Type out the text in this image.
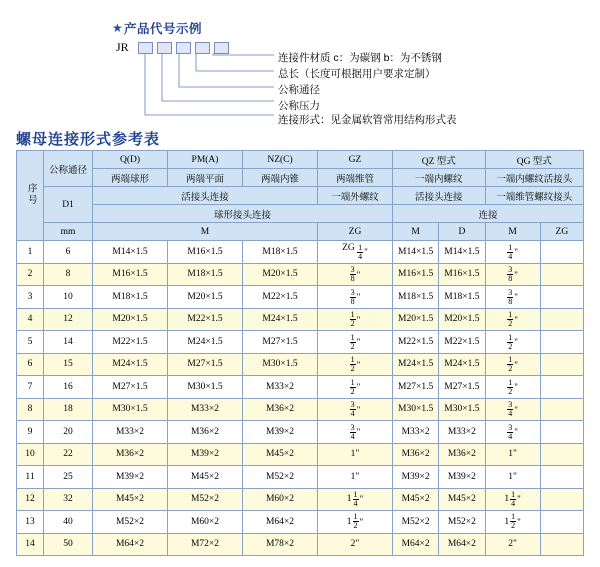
★ 产品代号示例
JR
连接件材质 c：为碳钢 b：为不锈钢
总长（长度可根据用户要求定制）
公称通径
公称压力
连接形式：见金属软管常用结构形式表
螺母连接形式参考表
序号	公称通径	Q(D)	PM(A)	NZ(C)	GZ	QZ 型式		QG 型式	
		两端球形	两端平面	两端内锥	两端维管	一端内螺纹		一端内螺纹活接头	
	D1	活接头连接			一端外螺纹	活接头连接		一端维管螺纹接头	
		球形接头连接				连接			
	mm	M			ZG	M	D	M	ZG
1	6	M14×1.5	M16×1.5	M18×1.5	ZG $\frac{1}{4}$ "	M14×1.5	M14×1.5	$\frac{1}{4}$ "	

2	8	M16×1.5	M18×1.5	M20×1.5	$\frac{3}{8}$ "	M16×1.5	M16×1.5	$\frac{3}{8}$ "	

3	10	M18×1.5	M20×1.5	M22×1.5	$\frac{3}{8}$ "	M18×1.5	M18×1.5	$\frac{3}{8}$ "	

4	12	M20×1.5	M22×1.5	M24×1.5	$\frac{1}{2}$ "	M20×1.5	M20×1.5	$\frac{1}{2}$ "	

5	14	M22×1.5	M24×1.5	M27×1.5	$\frac{1}{2}$ "	M22×1.5	M22×1.5	$\frac{1}{2}$ "	

6	15	M24×1.5	M27×1.5	M30×1.5	$\frac{1}{2}$ "	M24×1.5	M24×1.5	$\frac{1}{2}$ "	

7	16	M27×1.5	M30×1.5	M33×2	$\frac{1}{2}$ "	M27×1.5	M27×1.5	$\frac{1}{2}$ "	

8	18	M30×1.5	M33×2	M36×2	$\frac{3}{4}$ "	M30×1.5	M30×1.5	$\frac{3}{4}$ "	

9	20	M33×2	M36×2	M39×2	$\frac{3}{4}$ "	M33×2	M33×2	$\frac{3}{4}$ "	

10	22	M36×2	M39×2	M45×2	1"	M36×2	M36×2	1"	
11	25	M39×2	M45×2	M52×2	1"	M39×2	M39×2	1"	
12	32	M45×2	M52×2	M60×2	$1 \frac{1}{4}$ "	M45×2	M45×2	$1 \frac{1}{4}$ "	

13	40	M52×2	M60×2	M64×2	$1 \frac{1}{2}$ "	M52×2	M52×2	$1 \frac{1}{2}$ "	

14	50	M64×2	M72×2	M78×2	2"	M64×2	M64×2	2"	
